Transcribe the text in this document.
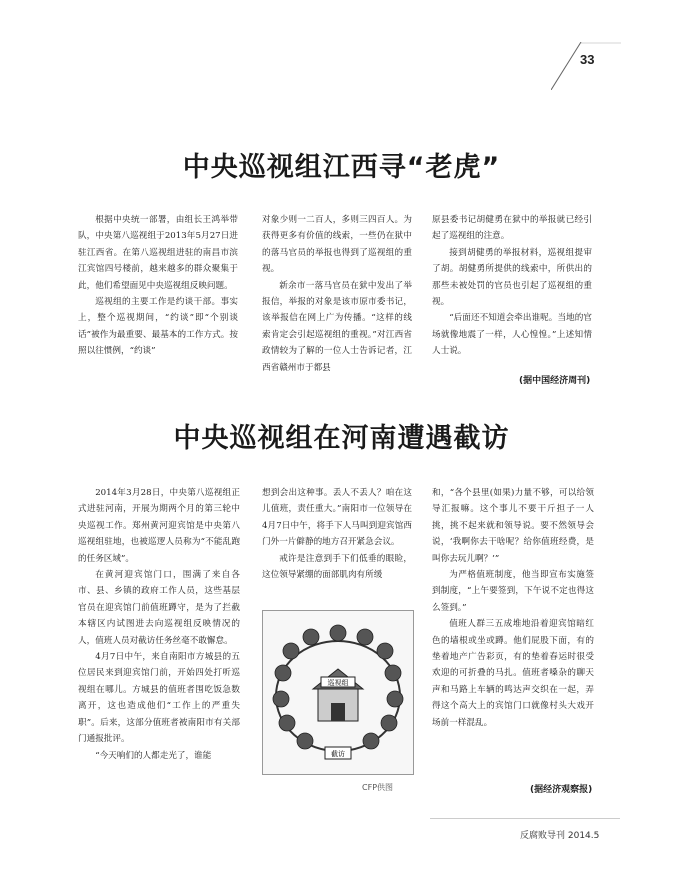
33
中央巡视组江西寻“老虎”

根据中央统一部署，由组长王鸿举带队，中央第八巡视组于2013年5月27日进驻江西省。在第八巡视组进驻的南昌市滨江宾馆四号楼前，越来越多的群众聚集于此，他们希望面见中央巡视组反映问题。

巡视组的主要工作是约谈干部。事实上，整个巡视期间，“约谈”即“个别谈话”被作为最重要、最基本的工作方式。按照以往惯例，“约谈”

对象少则一二百人，多则三四百人。为获得更多有价值的线索，一些仍在狱中的落马官员的举报也得到了巡视组的重视。

新余市一落马官员在狱中发出了举报信，举报的对象是该市原市委书记，该举报信在网上广为传播。“这样的线索肯定会引起巡视组的重视。”对江西省政情较为了解的一位人士告诉记者，江西省赣州市于都县

原县委书记胡健勇在狱中的举报就已经引起了巡视组的注意。

接到胡健勇的举报材料，巡视组提审了胡。胡健勇所提供的线索中，所供出的那些未被处罚的官员也引起了巡视组的重视。

“后面还不知道会牵出谁呢。当地的官场就像地震了一样，人心惶惶。”上述知情人士说。

(据中国经济周刊)
中央巡视组在河南遭遇截访

2014年3月28日，中央第八巡视组正式进驻河南，开展为期两个月的第三轮中央巡视工作。郑州黄河迎宾馆是中央第八巡视组驻地，也被巡逻人员称为“不能乱跑的任务区域”。

在黄河迎宾馆门口，围满了来自各市、县、乡镇的政府工作人员，这些基层官员在迎宾馆门前值班蹲守，是为了拦截本辖区内试图进去向巡视组反映情况的人，值班人员对截访任务丝毫不敢懈怠。

4月7日中午，来自南阳市方城县的五位居民来到迎宾馆门前，开始四处打听巡视组在哪儿。方城县的值班者围吃饭急数离开，这也造成他们“工作上的严重失职”。后来，这部分值班者被南阳市有关部门通报批评。

“今天响们的人都走光了，谁能

想到会出这种事。丢人不丢人？咱在这儿值班，责任重大。”南阳市一位领导在4月7日中午，将手下人马叫到迎宾馆西门外一片僻静的地方召开紧急会议。

戒许是注意到手下们低垂的眼睑，这位领导紧绷的面部肌肉有所缓

和，“各个县里(如果)力量不够，可以给领导汇报嘛。这个事儿不要干斤担子一人挑，挑不起来就和领导说。要不然领导会说，‘我啊你去干啥呢？给你值班经费，是叫你去玩儿啊？’”

为严格值班制度，他当即宣布实施签到制度，“上午要签到，下午说不定也得这么签到。”

值班人群三五成堆地沿着迎宾馆暗红色的墙根或坐或蹲。他们屁股下面，有的垫着地产广告彩页，有的垫着春运时很受欢迎的可折叠的马扎。值班者嗓杂的聊天声和马路上车辆的鸣达声交织在一起，弄得这个高大上的宾馆门口就像村头大戏开场前一样混乱。

(据经济观察报)
巡视组
截访
CFP供图
反腐败导刊 2014.5
